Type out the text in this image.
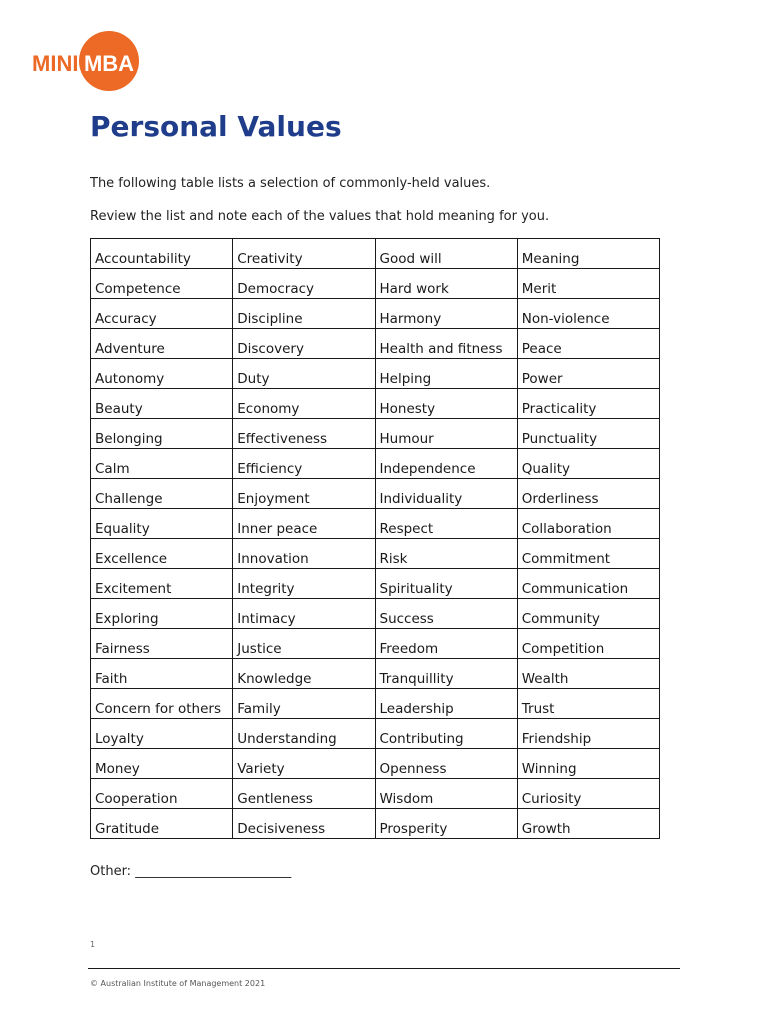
MINI MBA
Personal Values

The following table lists a selection of commonly-held values.

Review the list and note each of the values that hold meaning for you.

Accountability	Creativity	Good will	Meaning
Competence	Democracy	Hard work	Merit
Accuracy	Discipline	Harmony	Non-violence
Adventure	Discovery	Health and fitness	Peace
Autonomy	Duty	Helping	Power
Beauty	Economy	Honesty	Practicality
Belonging	Effectiveness	Humour	Punctuality
Calm	Efficiency	Independence	Quality
Challenge	Enjoyment	Individuality	Orderliness
Equality	Inner peace	Respect	Collaboration
Excellence	Innovation	Risk	Commitment
Excitement	Integrity	Spirituality	Communication
Exploring	Intimacy	Success	Community
Fairness	Justice	Freedom	Competition
Faith	Knowledge	Tranquillity	Wealth
Concern for others	Family	Leadership	Trust
Loyalty	Understanding	Contributing	Friendship
Money	Variety	Openness	Winning
Cooperation	Gentleness	Wisdom	Curiosity
Gratitude	Decisiveness	Prosperity	Growth

Other: ________________________

1
© Australian Institute of Management 2021
